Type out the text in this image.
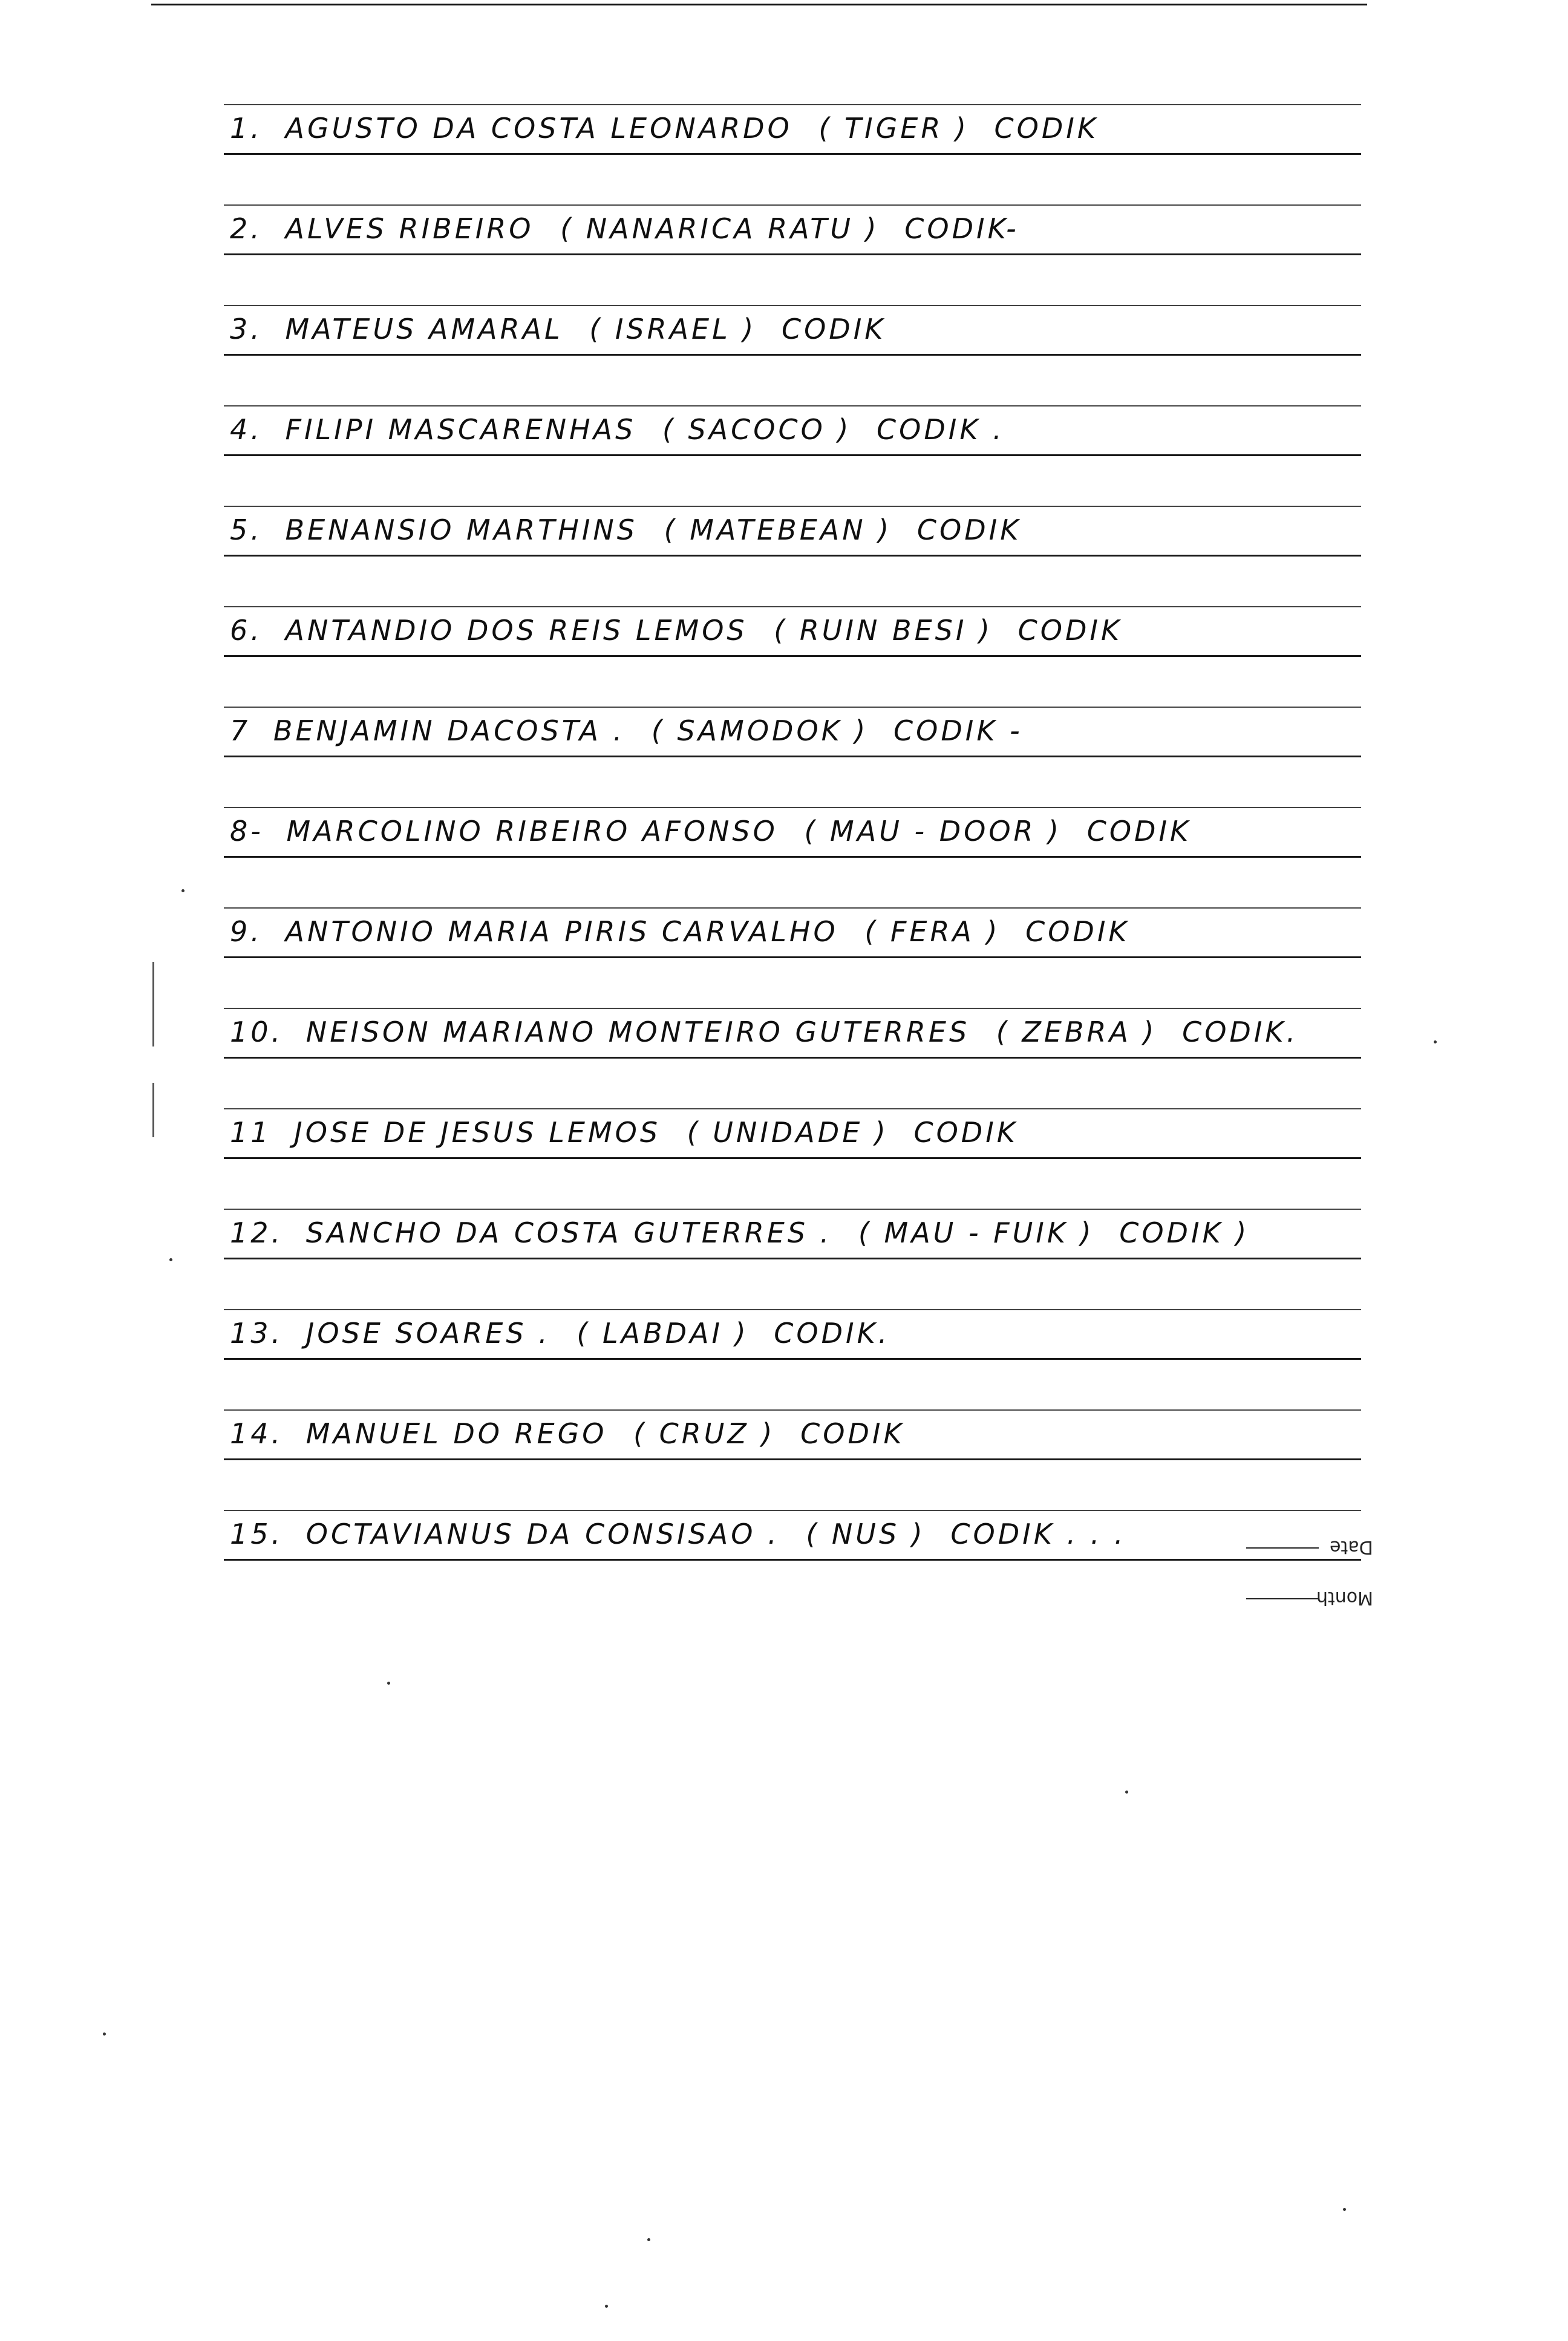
1. AGUSTO DA COSTA LEONARDO ( TIGER ) CODIK
2. ALVES RIBEIRO ( NANARICA RATU ) CODIK-
3. MATEUS AMARAL ( ISRAEL ) CODIK
4. FILIPI MASCARENHAS ( SACOCO ) CODIK .
5. BENANSIO MARTHINS ( MATEBEAN ) CODIK
6. ANTANDIO DOS REIS LEMOS ( RUIN BESI ) CODIK
7 BENJAMIN DACOSTA . ( SAMODOK ) CODIK -
8- MARCOLINO RIBEIRO AFONSO ( MAU - DOOR ) CODIK
9. ANTONIO MARIA PIRIS CARVALHO ( FERA ) CODIK
10. NEISON MARIANO MONTEIRO GUTERRES ( ZEBRA ) CODIK.
11 JOSE DE JESUS LEMOS ( UNIDADE ) CODIK
12. SANCHO DA COSTA GUTERRES . ( MAU - FUIK ) CODIK )
13. JOSE SOARES . ( LABDAI ) CODIK.
14. MANUEL DO REGO ( CRUZ ) CODIK
15. OCTAVIANUS DA CONSISAO . ( NUS ) CODIK . . .	Date
Month
